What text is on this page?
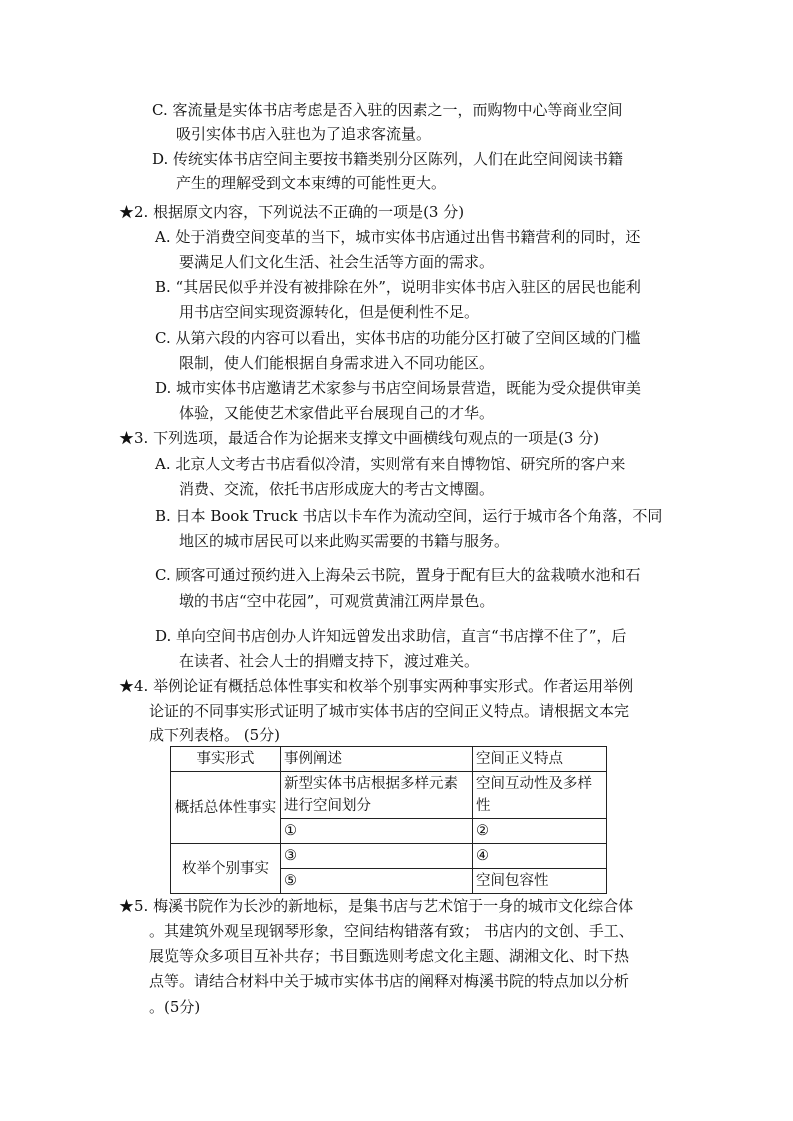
C. 客流量是实体书店考虑是否入驻的因素之一，而购物中心等商业空间
吸引实体书店入驻也为了追求客流量。
D. 传统实体书店空间主要按书籍类别分区陈列，人们在此空间阅读书籍
产生的理解受到文本束缚的可能性更大。
★2. 根据原文内容，下列说法不正确的一项是(3 分)
A. 处于消费空间变革的当下，城市实体书店通过出售书籍营利的同时，还
要满足人们文化生活、社会生活等方面的需求。
B. “其居民似乎并没有被排除在外”，说明非实体书店入驻区的居民也能利
用书店空间实现资源转化，但是便利性不足。
C. 从第六段的内容可以看出，实体书店的功能分区打破了空间区域的门槛
限制，使人们能根据自身需求进入不同功能区。
D. 城市实体书店邀请艺术家参与书店空间场景营造，既能为受众提供审美
体验，又能使艺术家借此平台展现自己的才华。
★3. 下列选项，最适合作为论据来支撑文中画横线句观点的一项是(3 分)
A. 北京人文考古书店看似冷清，实则常有来自博物馆、研究所的客户来
消费、交流，依托书店形成庞大的考古文博圈。
B. 日本 Book Truck 书店以卡车作为流动空间，运行于城市各个角落，不同
地区的城市居民可以来此购买需要的书籍与服务。
C. 顾客可通过预约进入上海朵云书院，置身于配有巨大的盆栽喷水池和石
墩的书店“空中花园”，可观赏黄浦江两岸景色。
D. 单向空间书店创办人许知远曾发出求助信，直言“书店撑不住了”，后
在读者、社会人士的捐赠支持下，渡过难关。
★4. 举例论证有概括总体性事实和枚举个别事实两种事实形式。作者运用举例
论证的不同事实形式证明了城市实体书店的空间正义特点。请根据文本完
成下列表格。 (5分)
事实形式	事例阐述	空间正义特点
概括总体性事实	新型实体书店根据多样元素进行空间划分	空间互动性及多样性
	①	②
枚举个别事实	③	④
	⑤	空间包容性
★5. 梅溪书院作为长沙的新地标，是集书店与艺术馆于一身的城市文化综合体
。其建筑外观呈现钢琴形象，空间结构错落有致； 书店内的文创、手工、
展览等众多项目互补共存；书目甄选则考虑文化主题、湖湘文化、时下热
点等。请结合材料中关于城市实体书店的阐释对梅溪书院的特点加以分析
。(5分)
